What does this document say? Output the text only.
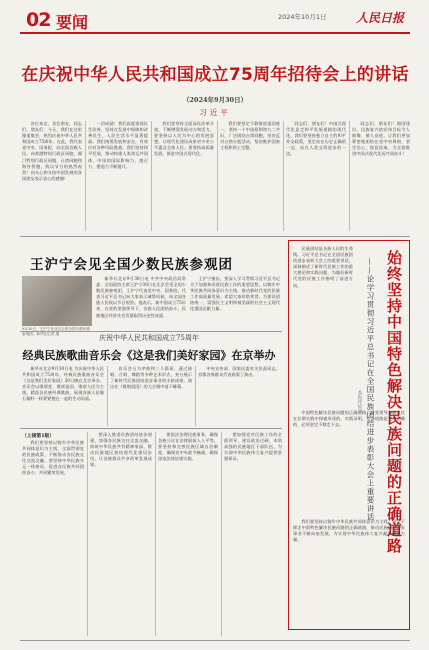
02 要闻	2024年10月1日 人民日报
在庆祝中华人民共和国成立75周年招待会上的讲话
（2024年9月30日）
习近平

各位来宾，各位朋友，同志们、朋友们：今天，我们在这里隆重集会，热烈庆祝中华人民共和国成立75周年。在此，我代表党中央、国务院，向全国各族人民，向香港特别行政区同胞、澳门特别行政区同胞、台湾同胞和海外侨胞，致以节日的热烈祝贺！向关心和支持中国发展的各国朋友表示衷心的感谢！

一切成就！我们高度重视民生改善，坚持在发展中保障和改善民生，人民生活水平显著提高。我们统筹发展和安全，有效应对各种风险挑战。我们坚持和平发展，推动构建人类命运共同体，中国的国际影响力、感召力、塑造力不断提升。

我们要坚持全面深化改革开放，不断增强发展动力和活力。要坚持以人民为中心的发展思想，让现代化建设成果更多更公平惠及全体人民。要坚持高质量发展，推进中国式现代化。

我们要坚定不移推进祖国统一，坚持一个中国原则和九二共识，广泛团结台湾同胞，坚决反对台独分裂活动，坚决维护国家主权和领土完整。

同志们、朋友们！中国式现代化是走和平发展道路的现代化。我们要坚持独立自主的和平外交政策，坚定站在历史正确的一边，站在人类文明进步的一边。

同志们、朋友们！强国建设、民族复兴的宏伟目标令人鼓舞、催人奋进。让我们更加紧密地团结在党中央周围，坚定信心，锐意进取，为全面推进中国式现代化而共同奋斗！

王沪宁会见全国少数民族参观团
9月30日，王沪宁在北京会见全国少数民族参观团。新华社记者 摄

新华社北京9月30日电 中共中央政治局常委、全国政协主席王沪宁30日在北京会见全国少数民族参观团。王沪宁代表党中央、国务院，代表习近平总书记向大家表示诚挚问候，向全国各族人民致以节日祝贺。他表示，新中国成立75年来，在党的坚强领导下，各族人民团结奋斗，民族地区经济社会发展取得历史性成就。

王沪宁指出，要深入学习贯彻习近平总书记关于加强和改进民族工作的重要思想，以铸牢中华民族共同体意识为主线，推动新时代党的民族工作高质量发展。希望大家珍惜荣誉，为建设团结统一、富强民主文明和谐美丽的社会主义现代化强国贡献力量。

庆祝中华人民共和国成立75周年
经典民族歌曲音乐会《这是我们美好家园》在京举办

新华社北京9月30日电 为庆祝中华人民共和国成立75周年，经典民族歌曲音乐会《这是我们美好家园》30日晚在北京举办。音乐会以歌颂党、歌颂祖国、歌颂人民为主线，精选各民族经典歌曲，展现各族人民像石榴籽一样紧紧抱在一起的生动局面。

音乐会分为序曲和三个篇章，通过独唱、合唱、舞蹈等多种艺术形式，充分展示了新时代民族团结进步事业的丰硕成果。演出在《歌唱祖国》的大合唱中落下帷幕。

中央宣传部、国家民委有关负责同志，首都各界群众代表观看了演出。

（上接第1版）

我们要坚持以铸牢中华民族共同体意识为主线，全面贯彻党的民族政策，不断推动各民族交往交流交融。要坚持中华民族多元一体格局，促进各民族共同团结奋斗、共同繁荣发展。

要深入推进民族团结进步创建，加强各民族交往交流交融，构筑中华民族共有精神家园，推动民族地区加快现代化建设步伐，让各族群众共享改革发展成果。

要依法治理民族事务，确保各族公民在法律面前人人平等。要坚持和完善民族区域自治制度，确保党中央政令畅通，确保国家法律法规实施。

要加强党对民族工作的全面领导，建设政治过硬、本领高强的民族地区干部队伍，为实现中华民族伟大复兴提供坚强保证。	始终坚持中国特色解决民族问题的正确道路
——论学习贯彻习近平总书记在全国民族团结进步表彰大会上重要讲话
本报评论员

民族团结是各族人民的生命线。习近平总书记在全国民族团结进步表彰大会上的重要讲话，深刻阐述了新时代民族工作的重大理论和实践问题，为做好新时代党的民族工作指明了前进方向。

中国特色解决民族问题的正确道路，是党领导各族人民在长期实践中探索形成的。实践证明，这条道路是完全正确的，必须坚定不移走下去。

我们要坚持以铸牢中华民族共同体意识为主线，坚定不移走中国特色解决民族问题的正确道路，推动民族团结进步事业不断向前发展，为实现中华民族伟大复兴凝聚磅礴力量。
